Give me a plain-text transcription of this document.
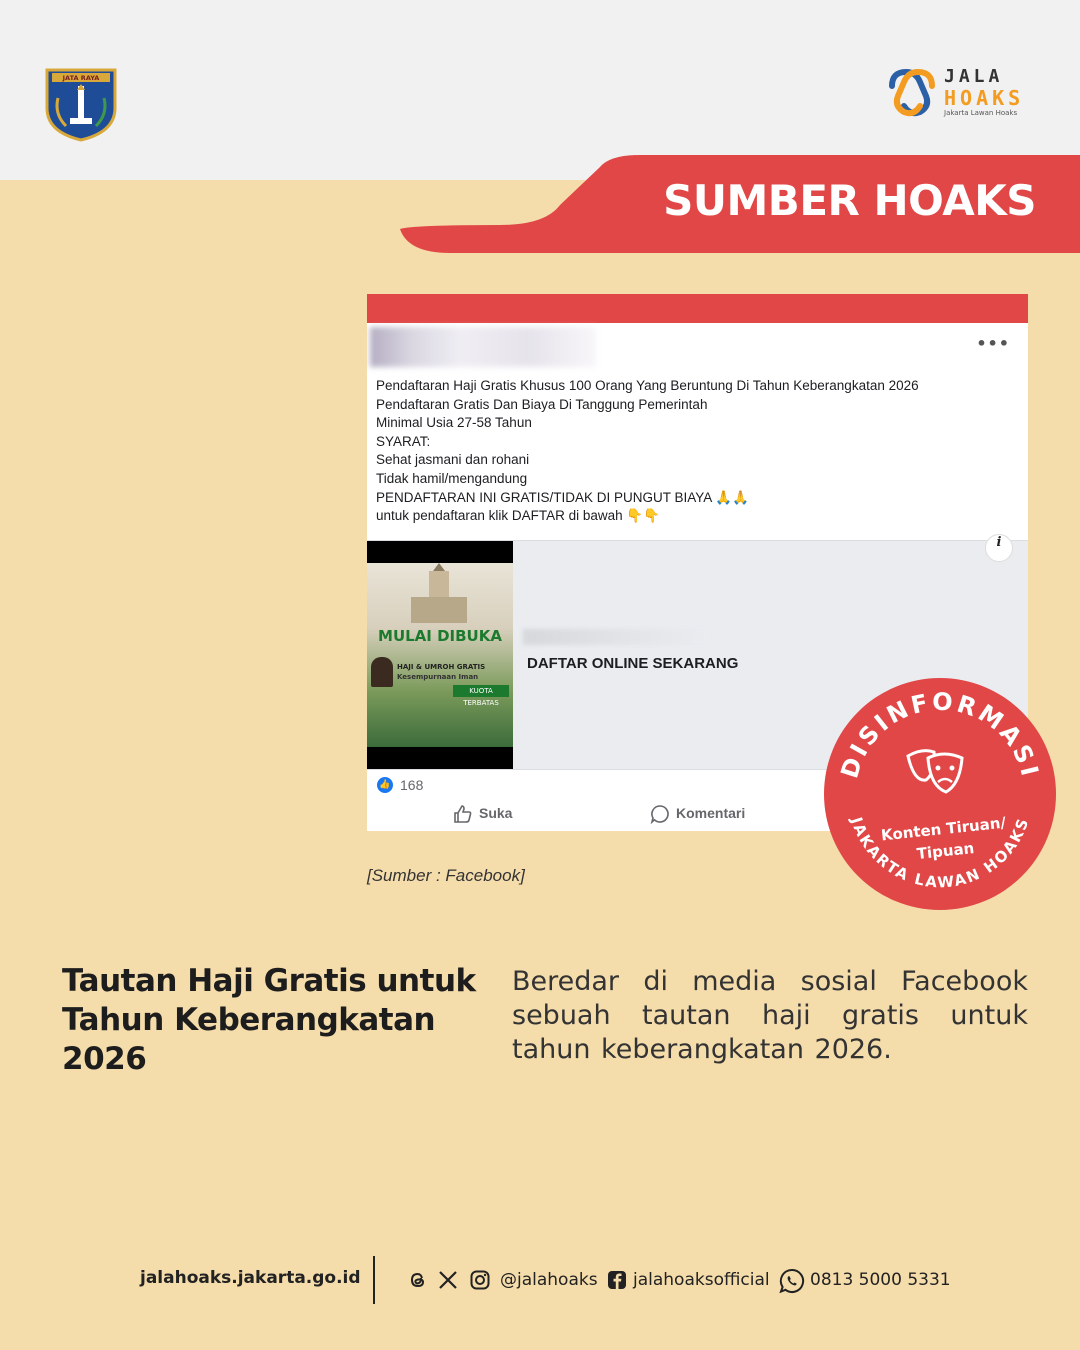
JATA RAYA	JALA
HOAKS
Jakarta Lawan Hoaks
SUMBER HOAKS
•••
Pendaftaran Haji Gratis Khusus 100 Orang Yang Beruntung Di Tahun Keberangkatan 2026
Pendaftaran Gratis Dan Biaya Di Tanggung Pemerintah
Minimal Usia 27-58 Tahun
SYARAT:
Sehat jasmani dan rohani
Tidak hamil/mengandung
PENDAFTARAN INI GRATIS/TIDAK DI PUNGUT BIAYA 🙏🙏
untuk pendaftaran klik DAFTAR di bawah 👇👇
MULAI DIBUKA
HAJI & UMROH GRATIS
Kesempurnaan Iman
KUOTA TERBATAS
DAFTAR ONLINE SEKARANG
i
👍 168
Suka	Komentari
[Sumber : Facebook]
DISINFORMASI
JAKARTA LAWAN HOAKS
Konten Tiruan/
Tipuan
Tautan Haji Gratis untuk Tahun Keberangkatan 2026
Beredar di media sosial Facebook sebuah tautan haji gratis untuk tahun keberangkatan 2026.
jalahoaks.jakarta.go.id	@jalahoaks jalahoaksofficial 0813 5000 5331
